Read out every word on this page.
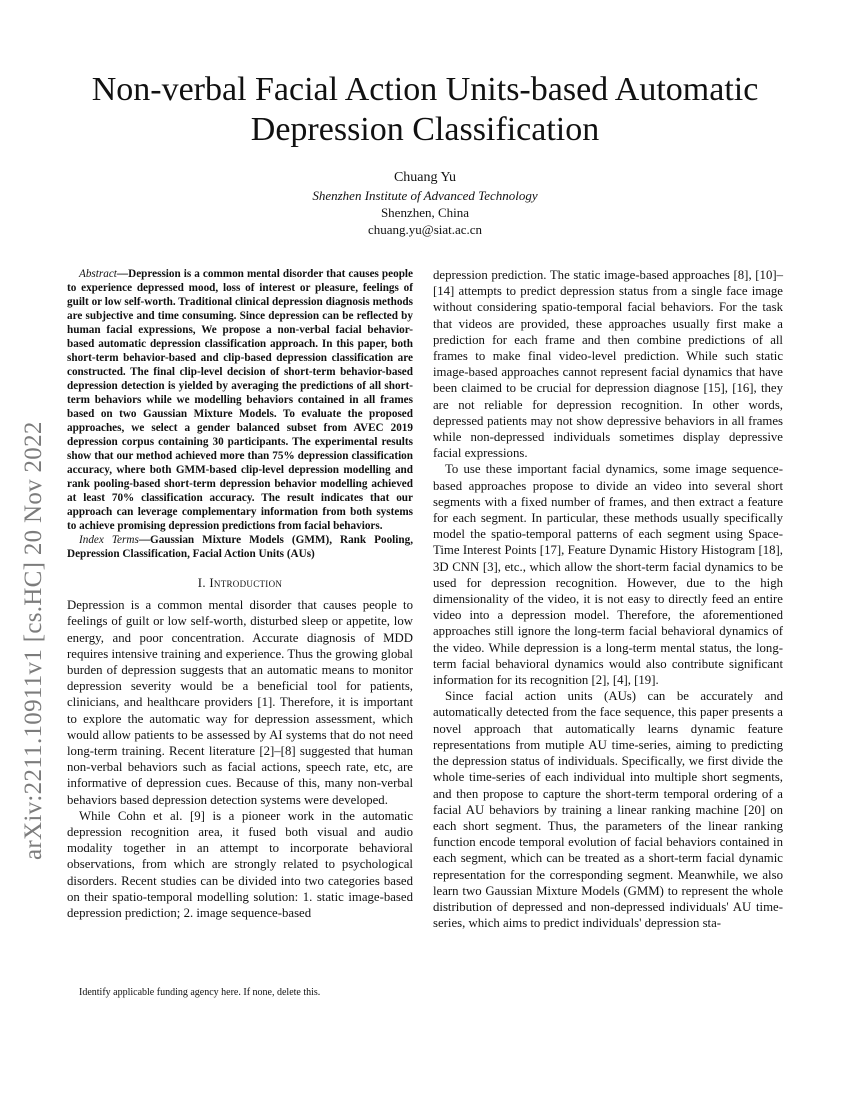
arXiv:2211.10911v1 [cs.HC] 20 Nov 2022
Non-verbal Facial Action Units-based Automatic Depression Classification
Chuang Yu
Shenzhen Institute of Advanced Technology
Shenzhen, China
chuang.yu@siat.ac.cn

Abstract—Depression is a common mental disorder that causes people to experience depressed mood, loss of interest or pleasure, feelings of guilt or low self-worth. Traditional clinical depression diagnosis methods are subjective and time consuming. Since depression can be reflected by human facial expressions, We propose a non-verbal facial behavior-based automatic depression classification approach. In this paper, both short-term behavior-based and clip-based depression classification are constructed. The final clip-level decision of short-term behavior-based depression detection is yielded by averaging the predictions of all short-term behaviors while we modelling behaviors contained in all frames based on two Gaussian Mixture Models. To evaluate the proposed approaches, we select a gender balanced subset from AVEC 2019 depression corpus containing 30 participants. The experimental results show that our method achieved more than 75% depression classification accuracy, where both GMM-based clip-level depression modelling and rank pooling-based short-term depression behavior modelling achieved at least 70% classification accuracy. The result indicates that our approach can leverage complementary information from both systems to achieve promising depression predictions from facial behaviors.

Index Terms—Gaussian Mixture Models (GMM), Rank Pooling, Depression Classification, Facial Action Units (AUs)

I. Introduction

Depression is a common mental disorder that causes people to feelings of guilt or low self-worth, disturbed sleep or appetite, low energy, and poor concentration. Accurate diagnosis of MDD requires intensive training and experience. Thus the growing global burden of depression suggests that an automatic means to monitor depression severity would be a beneficial tool for patients, clinicians, and healthcare providers [1]. Therefore, it is important to explore the automatic way for depression assessment, which would allow patients to be assessed by AI systems that do not need long-term training. Recent literature [2]–[8] suggested that human non-verbal behaviors such as facial actions, speech rate, etc, are informative of depression cues. Because of this, many non-verbal behaviors based depression detection systems were developed.

While Cohn et al. [9] is a pioneer work in the automatic depression recognition area, it fused both visual and audio modality together in an attempt to incorporate behavioral observations, from which are strongly related to psychological disorders. Recent studies can be divided into two categories based on their spatio-temporal modelling solution: 1. static image-based depression prediction; 2. image sequence-based

Identify applicable funding agency here. If none, delete this.

depression prediction. The static image-based approaches [8], [10]–[14] attempts to predict depression status from a single face image without considering spatio-temporal facial behaviors. For the task that videos are provided, these approaches usually first make a prediction for each frame and then combine predictions of all frames to make final video-level prediction. While such static image-based approaches cannot represent facial dynamics that have been claimed to be crucial for depression diagnose [15], [16], they are not reliable for depression recognition. In other words, depressed patients may not show depressive behaviors in all frames while non-depressed individuals sometimes display depressive facial expressions.

To use these important facial dynamics, some image sequence-based approaches propose to divide an video into several short segments with a fixed number of frames, and then extract a feature for each segment. In particular, these methods usually specifically model the spatio-temporal patterns of each segment using Space-Time Interest Points [17], Feature Dynamic History Histogram [18], 3D CNN [3], etc., which allow the short-term facial dynamics to be used for depression recognition. However, due to the high dimensionality of the video, it is not easy to directly feed an entire video into a depression model. Therefore, the aforementioned approaches still ignore the long-term facial behavioral dynamics of the video. While depression is a long-term mental status, the long-term facial behavioral dynamics would also contribute significant information for its recognition [2], [4], [19].

Since facial action units (AUs) can be accurately and automatically detected from the face sequence, this paper presents a novel approach that automatically learns dynamic feature representations from mutiple AU time-series, aiming to predicting the depression status of individuals. Specifically, we first divide the whole time-series of each individual into multiple short segments, and then propose to capture the short-term temporal ordering of a facial AU behaviors by training a linear ranking machine [20] on each short segment. Thus, the parameters of the linear ranking function encode temporal evolution of facial behaviors contained in each segment, which can be treated as a short-term facial dynamic representation for the corresponding segment. Meanwhile, we also learn two Gaussian Mixture Models (GMM) to represent the whole distribution of depressed and non-depressed individuals' AU time-series, which aims to predict individuals' depression sta-
